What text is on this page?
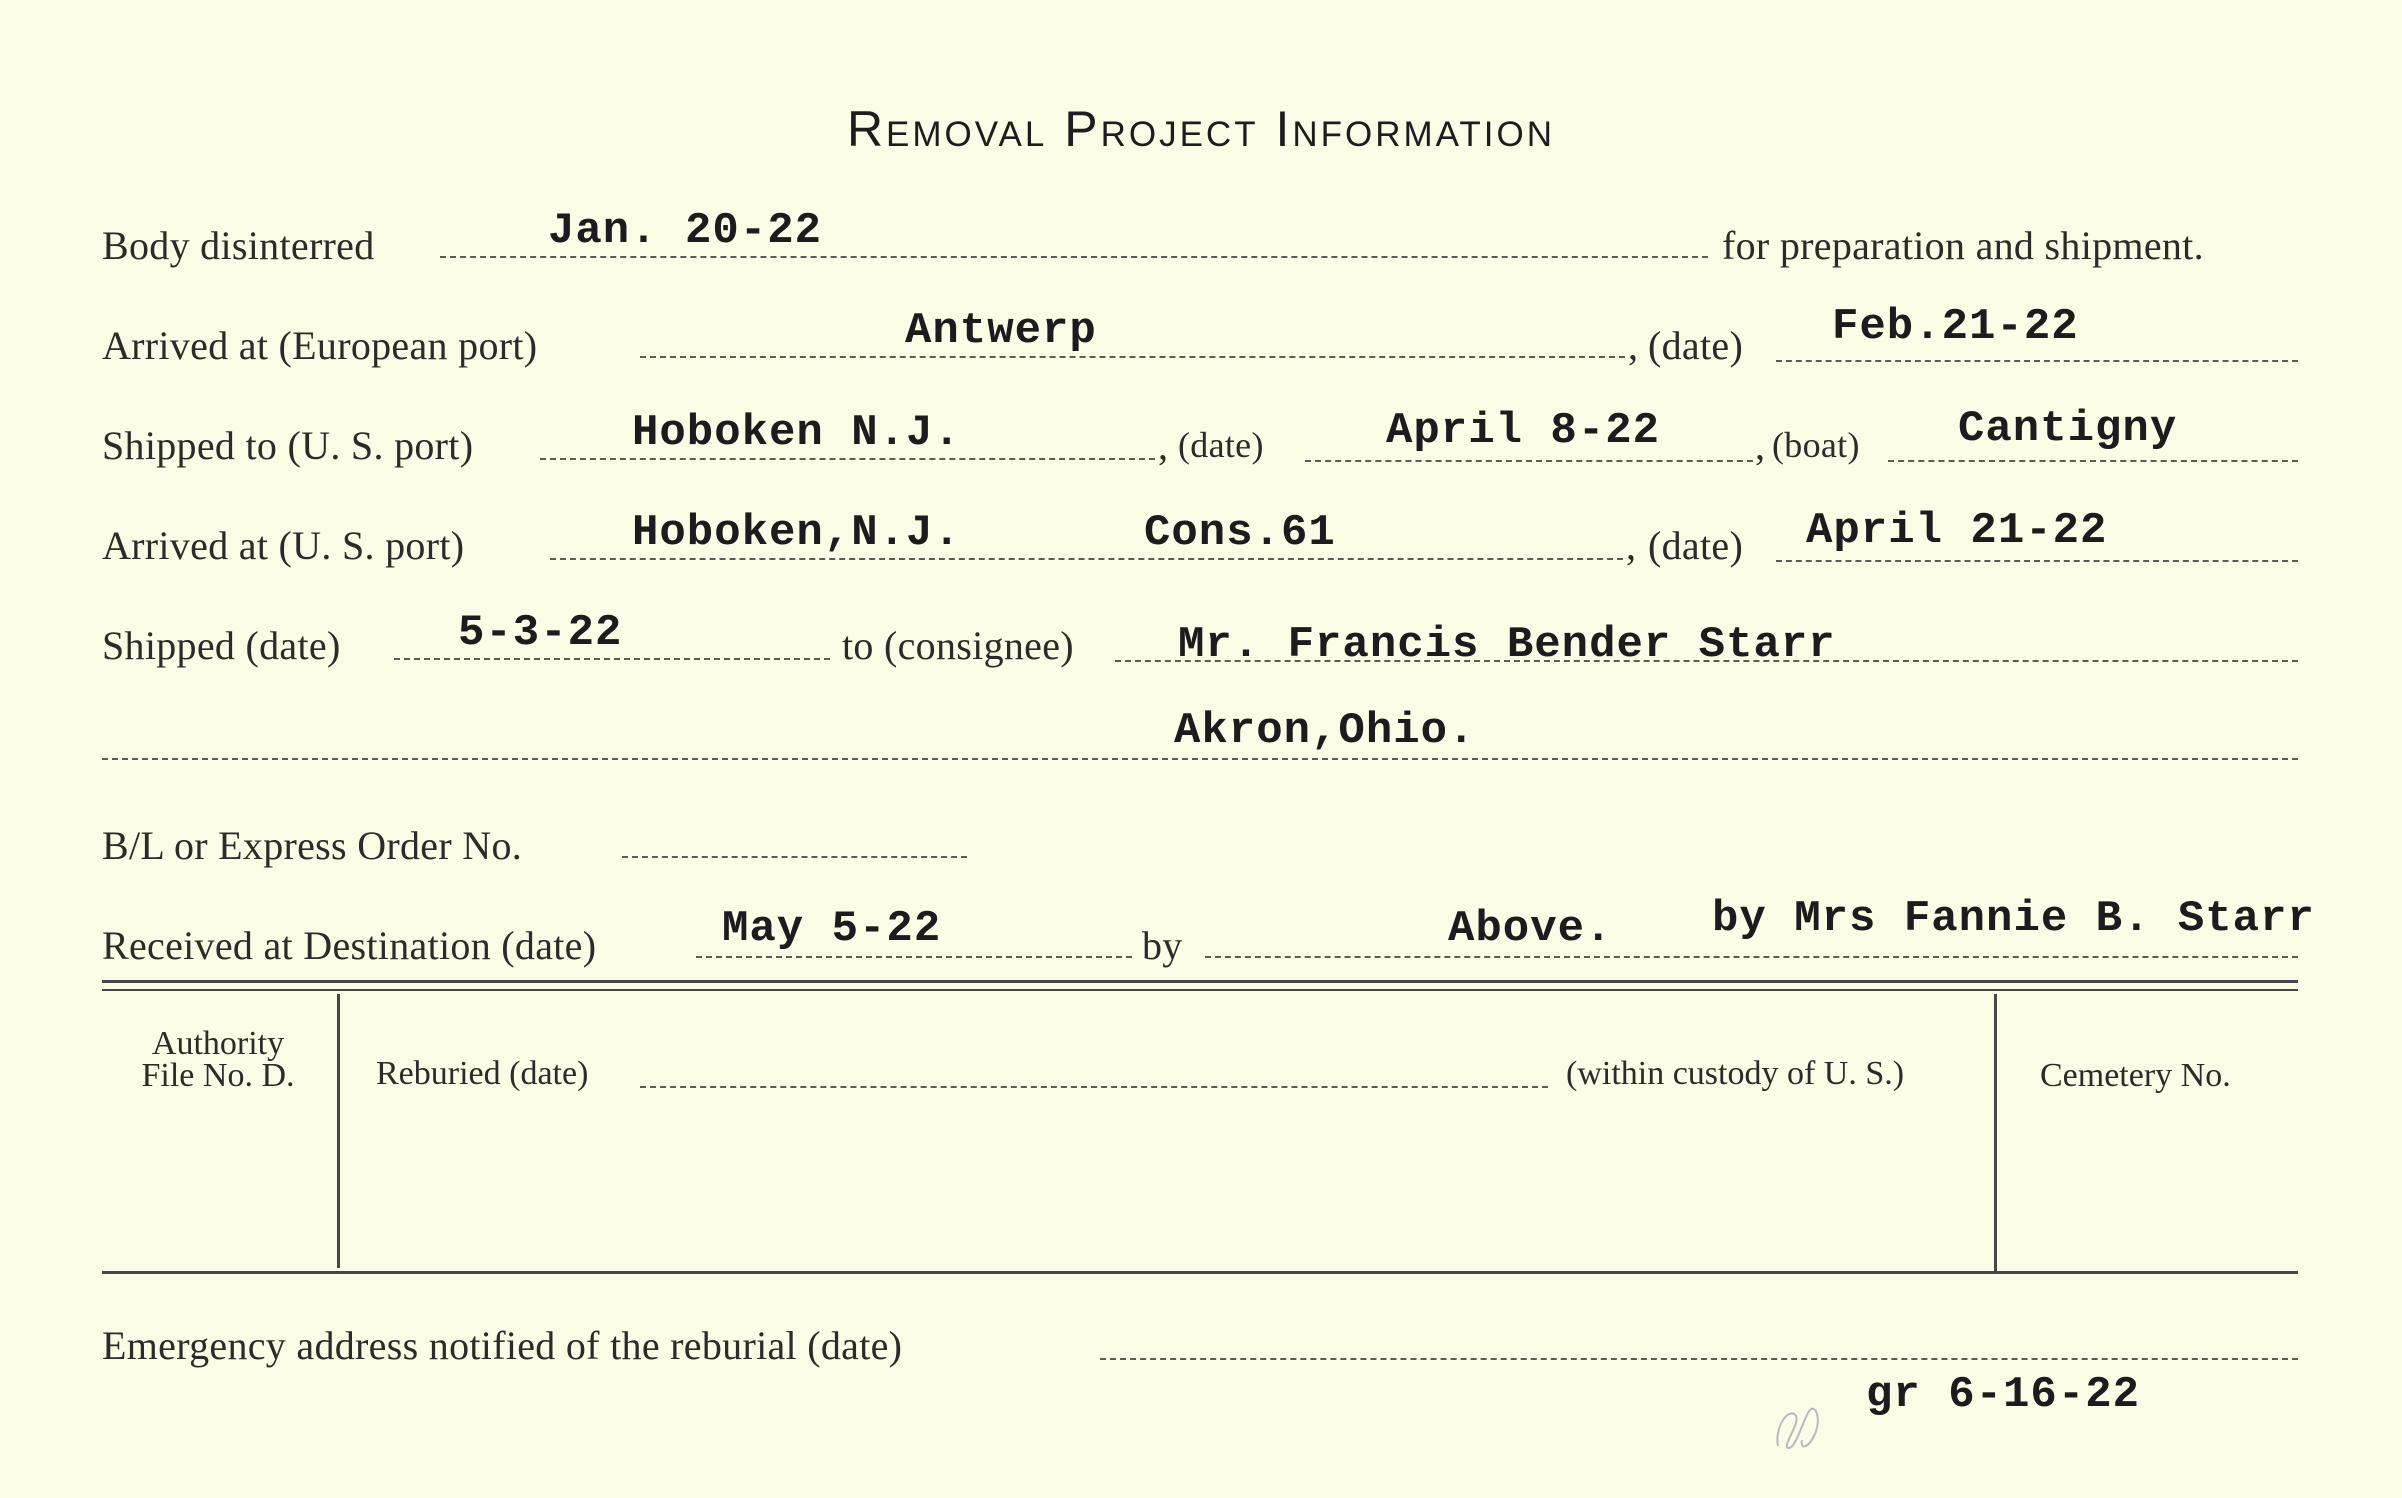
Removal Project Information
Body disinterred	Jan. 20-22	for preparation and shipment.
Arrived at (European port)	Antwerp	, (date) Feb.21-22
Shipped to (U. S. port)	Hoboken N.J.	, (date)	April 8-22 , (boat) Cantigny
Arrived at (U. S. port)	Hoboken,N.J.	Cons.61	, (date) April 21-22
Shipped (date)	5-3-22	to (consignee) Mr. Francis Bender Starr
Akron,Ohio.
B/L or Express Order No.
Received at Destination (date)	May 5-22	by	Above. by Mrs Fannie B. Starr
Authority
File No. D.	Reburied (date)	(within custody of U. S.)	Cemetery No.
Emergency address notified of the reburial (date)
gr 6-16-22
